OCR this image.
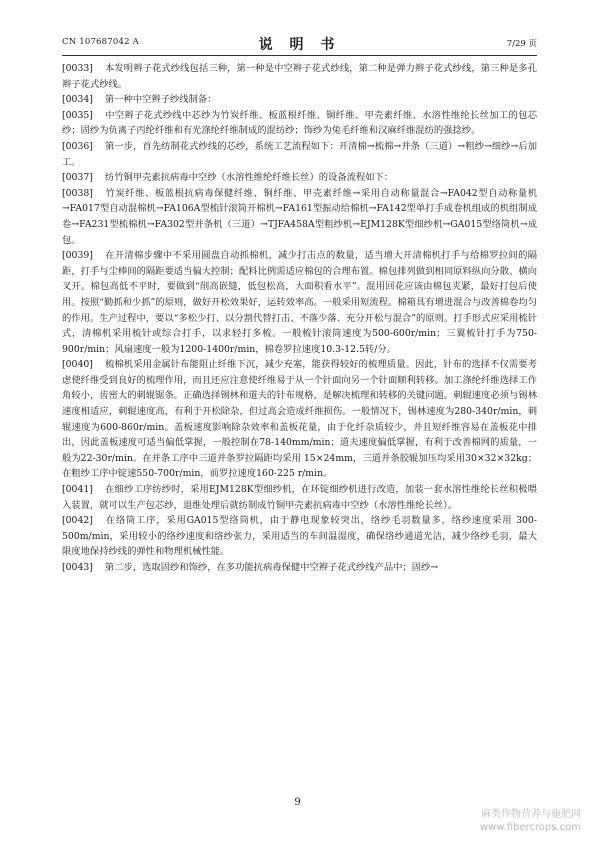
CN 107687042 A	说 明 书	7/29 页

[0033] 本发明辫子花式纱线包括三种，第一种是中空辫子花式纱线，第二种是弹力辫子花式纱线，第三种是多孔辫子花式纱线。

[0034] 第一种中空辫子纱线制备：

[0035] 中空辫子花式纱线中芯纱为竹炭纤维、板蓝根纤维、铜纤维、甲壳素纤维、水溶性维纶长丝加工的包芯纱；固纱为负离子丙纶纤维和有光涤纶纤维制成的混纺纱；饰纱为兔毛纤维和汉麻纤维混纺的强捻纱。

[0036] 第一步，首先纺制花式纱线的芯纱，系统工艺流程如下：开清棉→梳棉→并条（三道）→粗纱→细纱→后加工。

[0037] 纺竹铜甲壳素抗病毒中空纱（水溶性维纶纤维长丝）的设备流程如下：

[0038] 竹炭纤维、板蓝根抗病毒保健纤维、铜纤维、甲壳素纤维→采用自动称量混合→FA042型自动称量机→FA017型自动混棉机→FA106A型梳针滚筒开棉机→FA161型振动给棉机→FA142型单打手成卷机组成的机组制成卷→FA231型梳棉机→FA302型并条机（三道）→TJFA458A型粗纱机→EJM128K型细纱机→GA015型络筒机→成包。

[0039] 在开清棉步骤中不采用圆盘自动抓棉机，减少打击点的数量，适当增大开清棉机打手与给棉罗拉间的隔距，打手与尘棒间的隔距要适当偏大控制；配料比例需适应棉包的合理布置。棉包排列做到相同原料纵向分散、横向叉开。棉包高低不平时，要做到“削高嵌缝，低包松高，大面积看水平”。混用回花应该由棉包夹紧，最好打包后使用。按照“勤抓和少抓”的原则，做好开松效果好，运转效率高。一般采用短流程。棉箱具有增进混合与改善棉卷均匀的作用。生产过程中，要以“多松少打、以分割代替打击、不落少落、充分开松与混合”的原则。打手形式应采用梳针式，清棉机采用梳针或综合打手，以求轻打多梳。一般梳针滚筒速度为500-600r/min；三翼梳针打手为750-900r/min；风扇速度一般为1200-1400r/min，棉卷罗拉速度10.3-12.5转/分。

[0040] 梳棉机采用金属针布能阻止纤维下沉，减少充塞，能获得较好的梳理质量。因此，针布的选择不仅需要考虑使纤维受到良好的梳理作用，而且还应注意使纤维易于从一个针面向另一个针面顺利转移。加工涤纶纤维选择工作角较小，齿密大的刺辊锯条。正确选择锡林和道夫的针布规格，是解决梳理和转移的关键问题。刺辊速度必须与锡林速度相适应，刺辊速度高，有利于开松除杂，但过高会造成纤维损伤。一般情况下，锡林速度为280-340r/min，刺辊速度为600-860r/min。盖板速度影响除杂效率和盖板花量，由于化纤杂质较少，并且短纤维容易在盖板花中排出，因此盖板速度可适当偏低掌握，一般控制在78-140mm/min；道夫速度偏低掌握，有利于改善棉网的质量，一般为22-30r/min。在并条工序中三道并条罗拉隔距均采用 15×24mm，三道并条胶辊加压均采用30×32×32kg；在粗纱工序中锭速550-700r/min，前罗拉速度160-225 r/min。

[0041] 在细纱工序纺纱时，采用EJM128K型细纱机，在环锭细纱机进行改造，加装一套水溶性维纶长丝积极喂入装置，就可以生产包芯纱，退维处理后就纺制成竹铜甲壳素抗病毒中空纱（水溶性维纶长丝）。

[0042] 在络筒工序，采用GA015型络筒机，由于静电现象较突出，络纱毛羽数量多，络纱速度采用 300-500m/min，采用较小的络纱速度和络纱张力，采用适当的车间温湿度，确保络纱通道光洁，减少络纱毛羽，最大限度地保持纱线的弹性和物理机械性能。

[0043] 第二步，选取固纱和饰纱，在多功能抗病毒保健中空辫子花式纱线产品中；固纱→

9
麻类作物营养与施肥网
www.fibercrops.com
